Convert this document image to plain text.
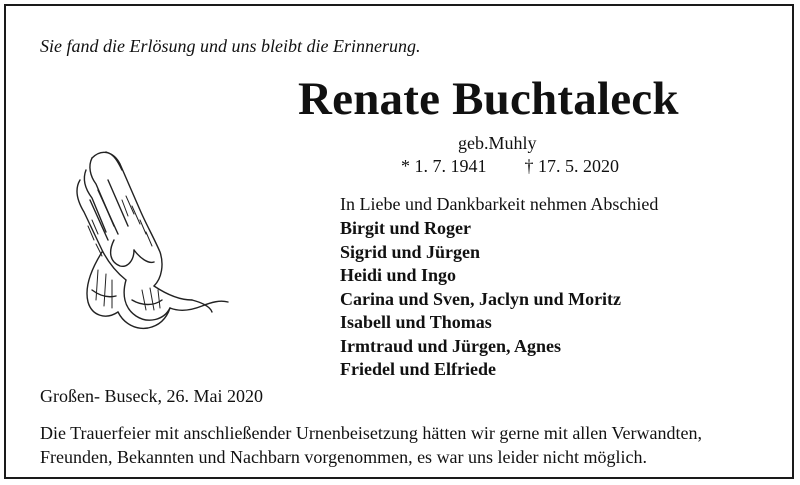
Sie fand die Erlösung und uns bleibt die Erinnerung.
Renate Buchtaleck
geb.Muhly
* 1. 7. 1941 † 17. 5. 2020
In Liebe und Dankbarkeit nehmen Abschied
Birgit und Roger
Sigrid und Jürgen
Heidi und Ingo
Carina und Sven, Jaclyn und Moritz
Isabell und Thomas
Irmtraud und Jürgen, Agnes
Friedel und Elfriede
Großen- Buseck, 26. Mai 2020
Die Trauerfeier mit anschließender Urnenbeisetzung hätten wir gerne mit allen Verwandten,
Freunden, Bekannten und Nachbarn vorgenommen, es war uns leider nicht möglich.
